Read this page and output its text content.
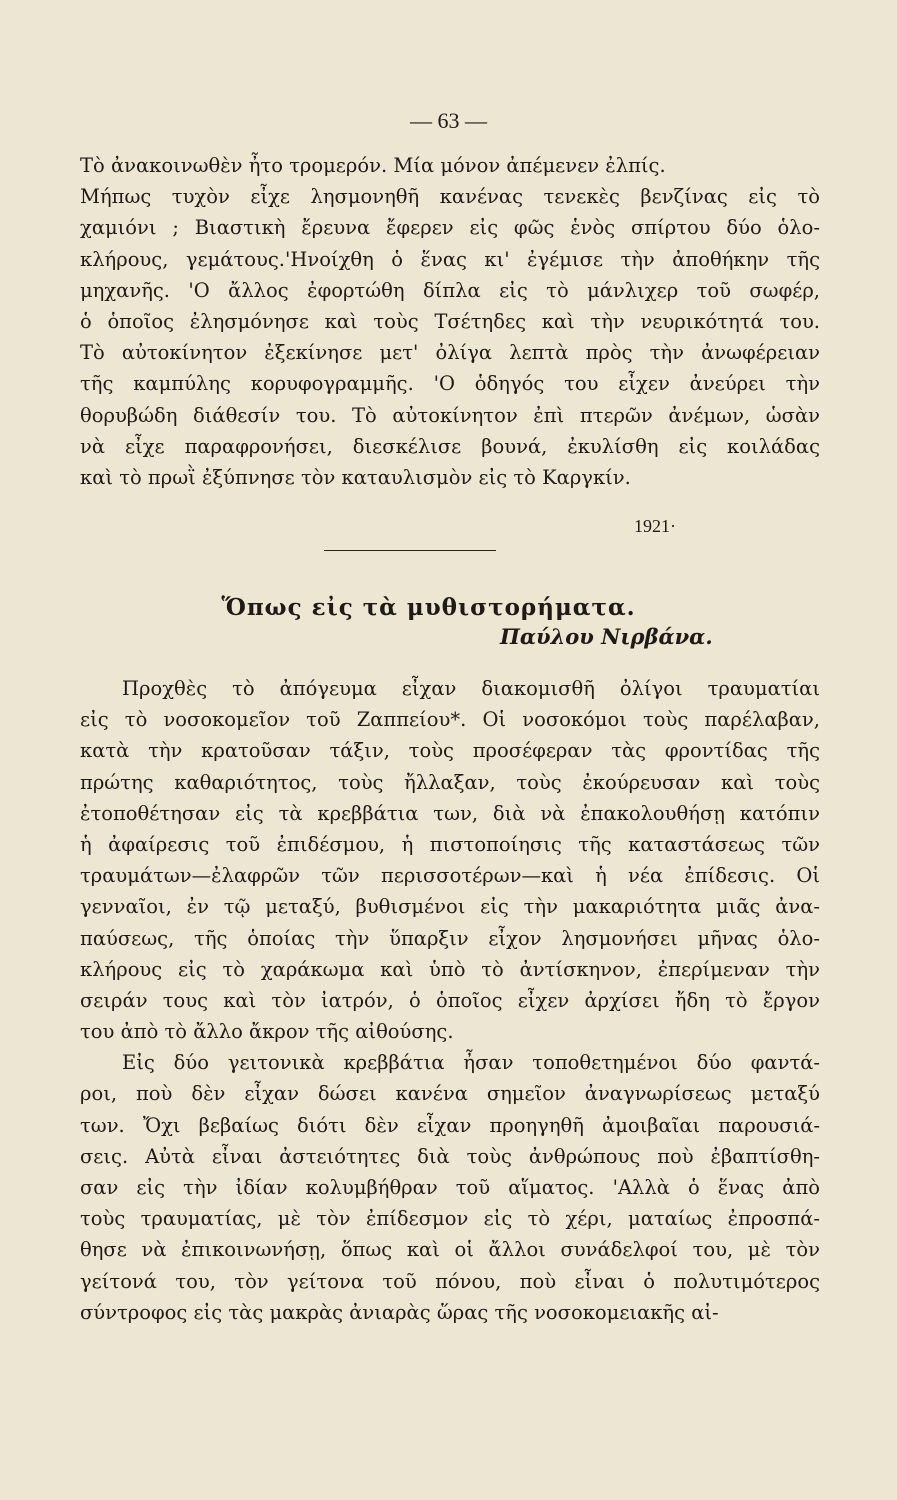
— 63 —
Τὸ ἀνακοινωθὲν ἦτο τρομερόν. Μία μόνον ἀπέμενεν ἐλπίς.
Μήπως τυχὸν εἶχε λησμονηθῆ κανένας τενεκὲς βενζίνας εἰς τὸ
χαμιόνι ; Βιαστικὴ ἔρευνα ἔφερεν εἰς φῶς ἑνὸς σπίρτου δύο ὁλο-
κλήρους, γεμάτους.'Ηνοίχθη ὁ ἕνας κι' ἐγέμισε τὴν ἀποθήκην τῆς
μηχανῆς. 'Ο ἄλλος ἐφορτώθη δίπλα εἰς τὸ μάνλιχερ τοῦ σωφέρ,
ὁ ὁποῖος ἐλησμόνησε καὶ τοὺς Τσέτηδες καὶ τὴν νευρικότητά του.
Τὸ αὐτοκίνητον ἐξεκίνησε μετ' ὀλίγα λεπτὰ πρὸς τὴν ἀνωφέρειαν
τῆς καμπύλης κορυφογραμμῆς. 'Ο ὁδηγός του εἶχεν ἀνεύρει τὴν
θορυβώδη διάθεσίν του. Τὸ αὐτοκίνητον ἐπὶ πτερῶν ἀνέμων, ὡσὰν
νὰ εἶχε παραφρονήσει, διεσκέλισε βουνά, ἐκυλίσθη εἰς κοιλάδας
καὶ τὸ πρωῒ ἐξύπνησε τὸν καταυλισμὸν εἰς τὸ Καργκίν.
1921·
Ὅπως εἰς τὰ μυθιστορήματα.
Παύλου Νιρβάνα.
Προχθὲς τὸ ἀπόγευμα εἶχαν διακομισθῆ ὀλίγοι τραυματίαι
εἰς τὸ νοσοκομεῖον τοῦ Ζαππείου*. Οἱ νοσοκόμοι τοὺς παρέλαβαν,
κατὰ τὴν κρατοῦσαν τάξιν, τοὺς προσέφεραν τὰς φροντίδας τῆς
πρώτης καθαριότητος, τοὺς ἤλλαξαν, τοὺς ἐκούρευσαν καὶ τοὺς
ἐτοποθέτησαν εἰς τὰ κρεββάτια των, διὰ νὰ ἐπακολουθήσῃ κατόπιν
ἡ ἀφαίρεσις τοῦ ἐπιδέσμου, ἡ πιστοποίησις τῆς καταστάσεως τῶν
τραυμάτων—ἐλαφρῶν τῶν περισσοτέρων—καὶ ἡ νέα ἐπίδεσις. Οἱ
γενναῖοι, ἐν τῷ μεταξύ, βυθισμένοι εἰς τὴν μακαριότητα μιᾶς ἀνα-
παύσεως, τῆς ὁποίας τὴν ὕπαρξιν εἶχον λησμονήσει μῆνας ὁλο-
κλήρους εἰς τὸ χαράκωμα καὶ ὑπὸ τὸ ἀντίσκηνον, ἐπερίμεναν τὴν
σειράν τους καὶ τὸν ἰατρόν, ὁ ὁποῖος εἶχεν ἀρχίσει ἤδη τὸ ἔργον
του ἀπὸ τὸ ἄλλο ἄκρον τῆς αἰθούσης.
Εἰς δύο γειτονικὰ κρεββάτια ἦσαν τοποθετημένοι δύο φαντά-
ροι, ποὺ δὲν εἶχαν δώσει κανένα σημεῖον ἀναγνωρίσεως μεταξύ
των. Ὄχι βεβαίως διότι δὲν εἶχαν προηγηθῆ ἀμοιβαῖαι παρουσιά-
σεις. Αὐτὰ εἶναι ἀστειότητες διὰ τοὺς ἀνθρώπους ποὺ ἐβαπτίσθη-
σαν εἰς τὴν ἰδίαν κολυμβήθραν τοῦ αἵματος. 'Αλλὰ ὁ ἕνας ἀπὸ
τοὺς τραυματίας, μὲ τὸν ἐπίδεσμον εἰς τὸ χέρι, ματαίως ἐπροσπά-
θησε νὰ ἐπικοινωνήσῃ, ὅπως καὶ οἱ ἄλλοι συνάδελφοί του, μὲ τὸν
γείτονά του, τὸν γείτονα τοῦ πόνου, ποὺ εἶναι ὁ πολυτιμότερος
σύντροφος εἰς τὰς μακρὰς ἀνιαρὰς ὥρας τῆς νοσοκομειακῆς αἰ-
